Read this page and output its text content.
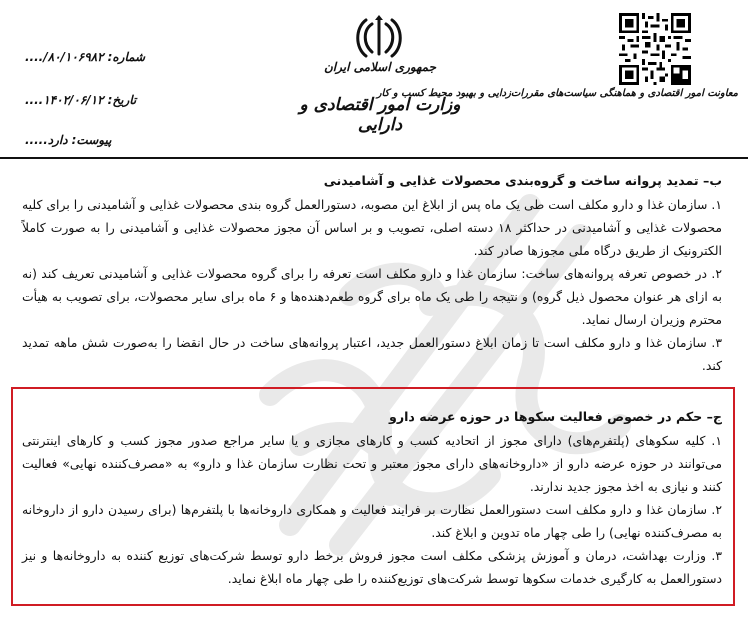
معاونت امور اقتصادی و هماهنگی سیاست‌های مقررات‌زدایی و بهبود محیط کسب و کار
جمهوری اسلامی ایران
وزارت امور اقتصادی و دارایی
شماره:۸۰/۱۰۶۹۸۲/....
تاریخ:۱۴۰۲/۰۶/۱۲....
پیوست:دارد.....
ب– تمدید پروانه ساخت و گروه‌بندی محصولات غذایی و آشامیدنی

۱. سازمان غذا و دارو مکلف است طی یک ماه پس از ابلاغ این مصوبه، دستورالعمل گروه بندی محصولات غذایی و آشامیدنی را برای کلیه محصولات غذایی و آشامیدنی در حداکثر ۱۸ دسته اصلی، تصویب و بر اساس آن مجوز محصولات غذایی و آشامیدنی را به صورت کاملاً الکترونیک از طریق درگاه ملی مجوزها صادر کند.

۲. در خصوص تعرفه پروانه‌های ساخت: سازمان غذا و دارو مکلف است تعرفه را برای گروه محصولات غذایی و آشامیدنی تعریف کند (نه به ازای هر عنوان محصول ذیل گروه) و نتیجه را طی یک ماه برای گروه طعم‌دهنده‌ها و ۶ ماه برای سایر محصولات، برای تصویب به هیأت محترم وزیران ارسال نماید.

۳. سازمان غذا و دارو مکلف است تا زمان ابلاغ دستورالعمل جدید، اعتبار پروانه‌های ساخت در حال انقضا را به‌صورت شش ماهه تمدید کند.

ج– حکم در خصوص فعالیت سکوها در حوزه عرضه دارو

۱. کلیه سکوهای (پلتفرم‌های) دارای مجوز از اتحادیه کسب و کارهای مجازی و یا سایر مراجع صدور مجوز کسب و کارهای اینترنتی می‌توانند در حوزه عرضه دارو از «داروخانه‌های دارای مجوز معتبر و تحت نظارت سازمان غذا و دارو» به «مصرف‌کننده نهایی» فعالیت کنند و نیازی به اخذ مجوز جدید ندارند.

۲. سازمان غذا و دارو مکلف است دستورالعمل نظارت بر فرایند فعالیت و همکاری داروخانه‌ها با پلتفرم‌ها (برای رسیدن دارو از داروخانه به مصرف‌کننده نهایی) را طی چهار ماه تدوین و ابلاغ کند.

۳. وزارت بهداشت، درمان و آموزش پزشکی مکلف است مجوز فروش برخط دارو توسط شرکت‌های توزیع کننده به داروخانه‌ها و نیز دستورالعمل به کارگیری خدمات سکوها توسط شرکت‌های توزیع‌کننده را طی چهار ماه ابلاغ نماید.
